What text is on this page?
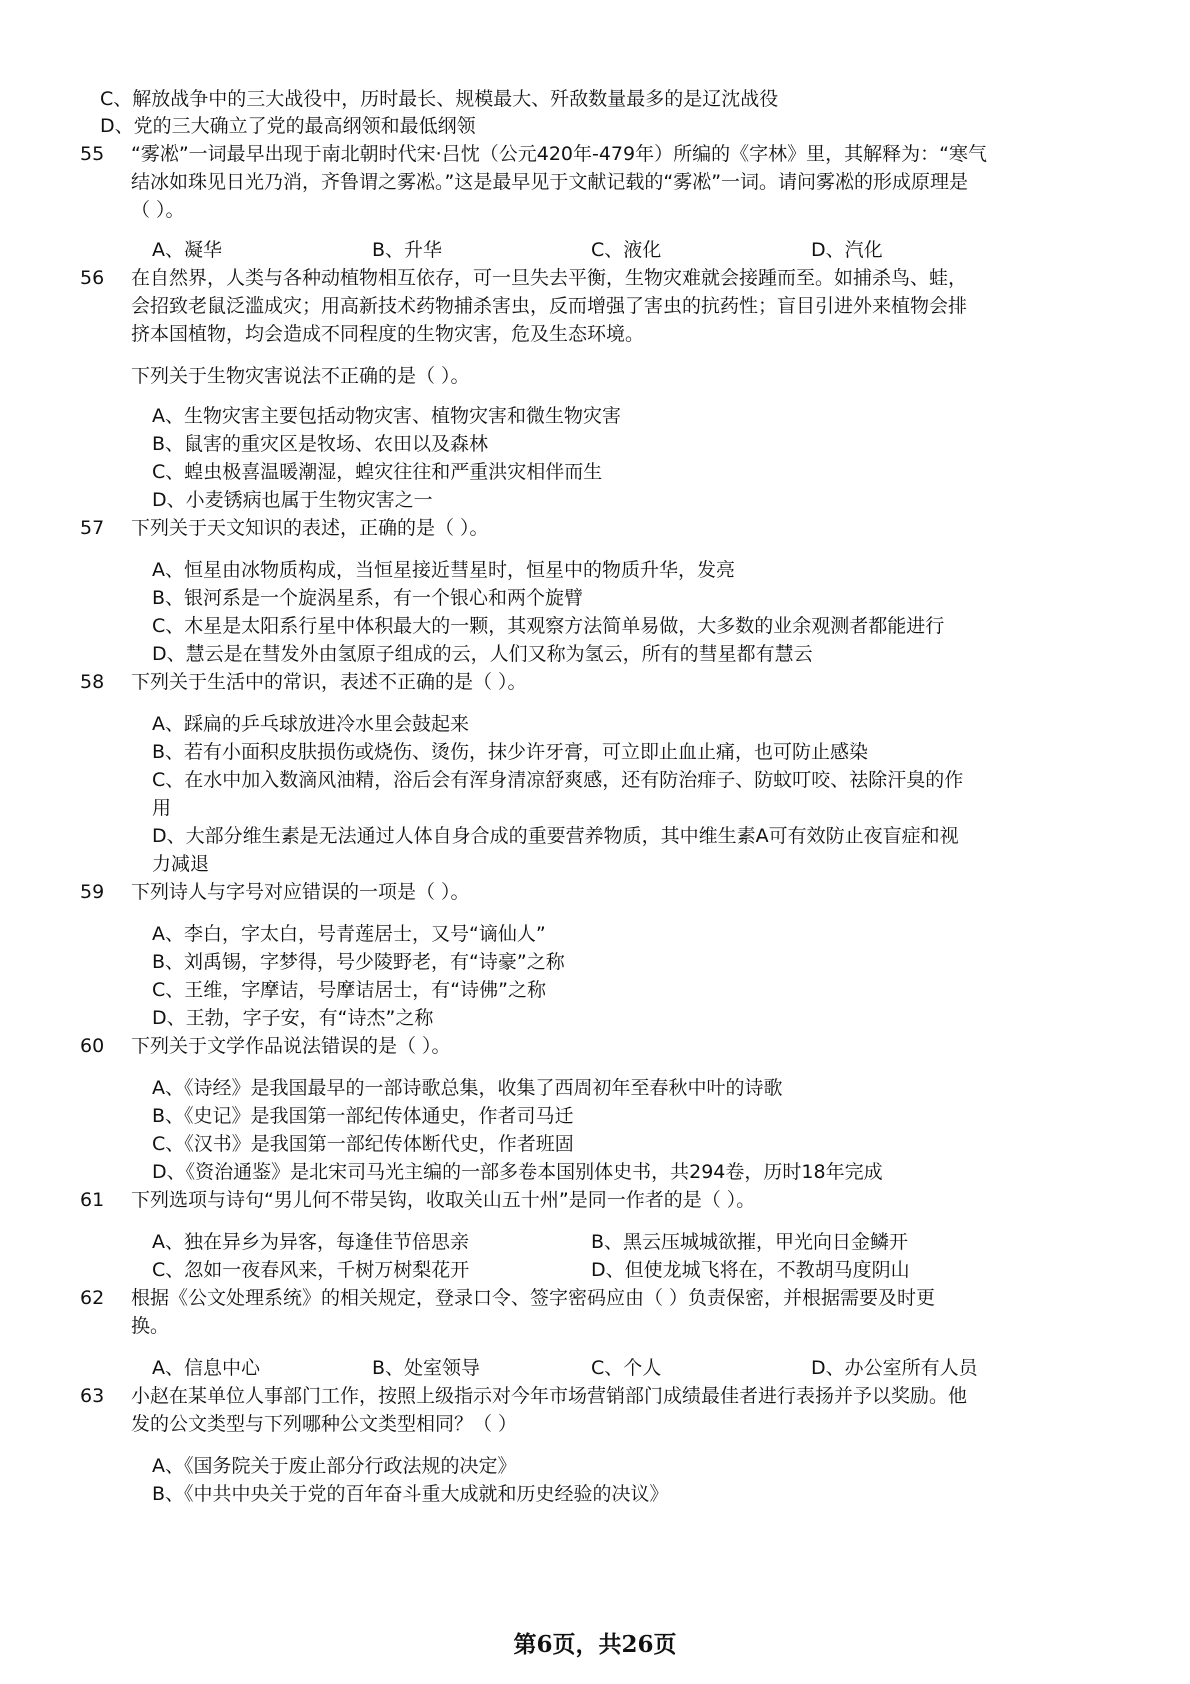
C、解放战争中的三大战役中，历时最长、规模最大、歼敌数量最多的是辽沈战役
D、党的三大确立了党的最高纲领和最低纲领
55	“雾凇”一词最早出现于南北朝时代宋·吕忱（公元420年-479年）所编的《字林》里，其解释为：“寒气
结冰如珠见日光乃消，齐鲁谓之雾凇。”这是最早见于文献记载的“雾凇”一词。请问雾凇的形成原理是
（ ）。
A、凝华	B、升华	C、液化	D、汽化
56	在自然界，人类与各种动植物相互依存，可一旦失去平衡，生物灾难就会接踵而至。如捕杀鸟、蛙，
会招致老鼠泛滥成灾；用高新技术药物捕杀害虫，反而增强了害虫的抗药性；盲目引进外来植物会排
挤本国植物，均会造成不同程度的生物灾害，危及生态环境。
下列关于生物灾害说法不正确的是（ ）。
A、生物灾害主要包括动物灾害、植物灾害和微生物灾害
B、鼠害的重灾区是牧场、农田以及森林
C、蝗虫极喜温暖潮湿，蝗灾往往和严重洪灾相伴而生
D、小麦锈病也属于生物灾害之一
57	下列关于天文知识的表述，正确的是（ ）。
A、恒星由冰物质构成，当恒星接近彗星时，恒星中的物质升华，发亮
B、银河系是一个旋涡星系，有一个银心和两个旋臂
C、木星是太阳系行星中体积最大的一颗，其观察方法简单易做，大多数的业余观测者都能进行
D、慧云是在彗发外由氢原子组成的云，人们又称为氢云，所有的彗星都有慧云
58	下列关于生活中的常识，表述不正确的是（ ）。
A、踩扁的乒乓球放进冷水里会鼓起来
B、若有小面积皮肤损伤或烧伤、烫伤，抹少许牙膏，可立即止血止痛，也可防止感染
C、在水中加入数滴风油精，浴后会有浑身清凉舒爽感，还有防治痱子、防蚊叮咬、祛除汗臭的作
用
D、大部分维生素是无法通过人体自身合成的重要营养物质，其中维生素A可有效防止夜盲症和视
力减退
59	下列诗人与字号对应错误的一项是（ ）。
A、李白，字太白，号青莲居士，又号“谪仙人”
B、刘禹锡，字梦得，号少陵野老，有“诗豪”之称
C、王维，字摩诘，号摩诘居士，有“诗佛”之称
D、王勃，字子安，有“诗杰”之称
60	下列关于文学作品说法错误的是（ ）。
A、《诗经》是我国最早的一部诗歌总集，收集了西周初年至春秋中叶的诗歌
B、《史记》是我国第一部纪传体通史，作者司马迁
C、《汉书》是我国第一部纪传体断代史，作者班固
D、《资治通鉴》是北宋司马光主编的一部多卷本国别体史书，共294卷，历时18年完成
61	下列选项与诗句“男儿何不带吴钩，收取关山五十州”是同一作者的是（ ）。
A、独在异乡为异客，每逢佳节倍思亲	B、黑云压城城欲摧，甲光向日金鳞开
C、忽如一夜春风来，千树万树梨花开	D、但使龙城飞将在，不教胡马度阴山
62	根据《公文处理系统》的相关规定，登录口令、签字密码应由（ ）负责保密，并根据需要及时更
换。
A、信息中心	B、处室领导	C、个人	D、办公室所有人员
63	小赵在某单位人事部门工作，按照上级指示对今年市场营销部门成绩最佳者进行表扬并予以奖励。他
发的公文类型与下列哪种公文类型相同？（ ）
A、《国务院关于废止部分行政法规的决定》
B、《中共中央关于党的百年奋斗重大成就和历史经验的决议》
第6页，共26页
